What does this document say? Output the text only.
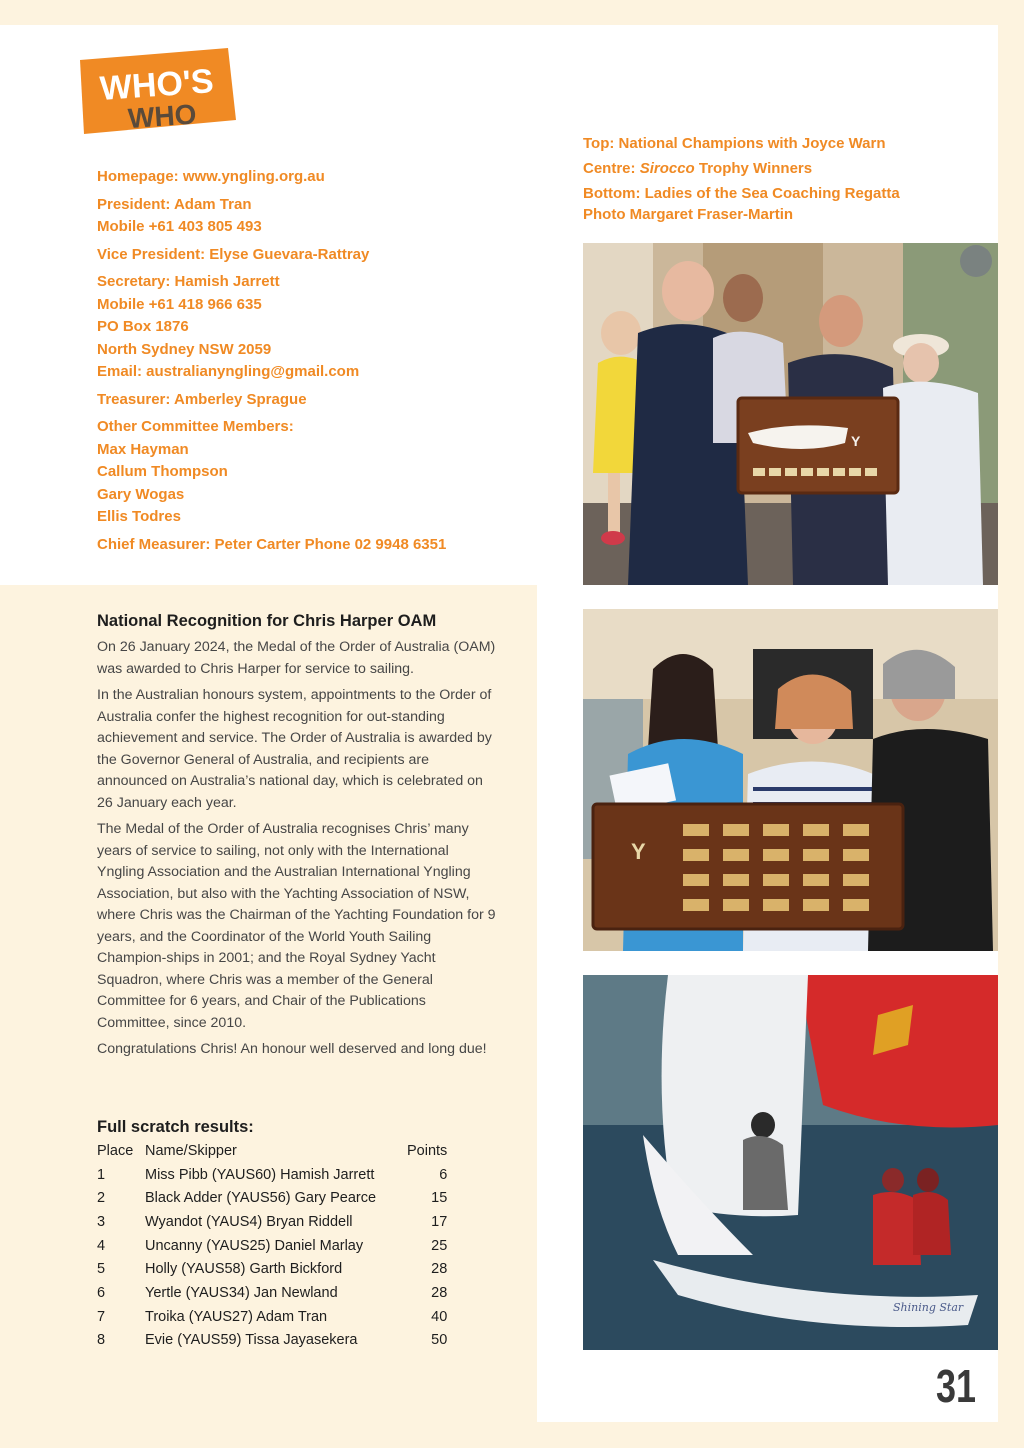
WHO'S
WHO
Homepage: www.yngling.org.au
President: Adam Tran
Mobile +61 403 805 493
Vice President: Elyse Guevara-Rattray
Secretary: Hamish Jarrett
Mobile +61 418 966 635
PO Box 1876
North Sydney NSW 2059
Email: australianyngling@gmail.com
Treasurer: Amberley Sprague
Other Committee Members:
Max Hayman
Callum Thompson
Gary Wogas
Ellis Todres
Chief Measurer: Peter Carter Phone 02 9948 6351
Top: National Champions with Joyce Warn
Centre: Sirocco Trophy Winners
Bottom: Ladies of the Sea Coaching Regatta
Photo Margaret Fraser-Martin
Y
Y
Shining Star
National Recognition for Chris Harper OAM

On 26 January 2024, the Medal of the Order of Australia (OAM) was awarded to Chris Harper for service to sailing.

In the Australian honours system, appointments to the Order of Australia confer the highest recognition for out-standing achievement and service. The Order of Australia is awarded by the Governor General of Australia, and recipients are announced on Australia’s national day, which is celebrated on 26 January each year.

The Medal of the Order of Australia recognises Chris’ many years of service to sailing, not only with the International Yngling Association and the Australian International Yngling Association, but also with the Yachting Association of NSW, where Chris was the Chairman of the Yachting Foundation for 9 years, and the Coordinator of the World Youth Sailing Champion-ships in 2001; and the Royal Sydney Yacht Squadron, where Chris was a member of the General Committee for 6 years, and Chair of the Publications Committee, since 2010.

Congratulations Chris! An honour well deserved and long due!

Full scratch results:
Place	Name/Skipper	Points
1	Miss Pibb (YAUS60) Hamish Jarrett	6
2	Black Adder (YAUS56) Gary Pearce	15
3	Wyandot (YAUS4) Bryan Riddell	17
4	Uncanny (YAUS25) Daniel Marlay	25
5	Holly (YAUS58) Garth Bickford	28
6	Yertle (YAUS34) Jan Newland	28
7	Troika (YAUS27) Adam Tran	40
8	Evie (YAUS59) Tissa Jayasekera	50
31
